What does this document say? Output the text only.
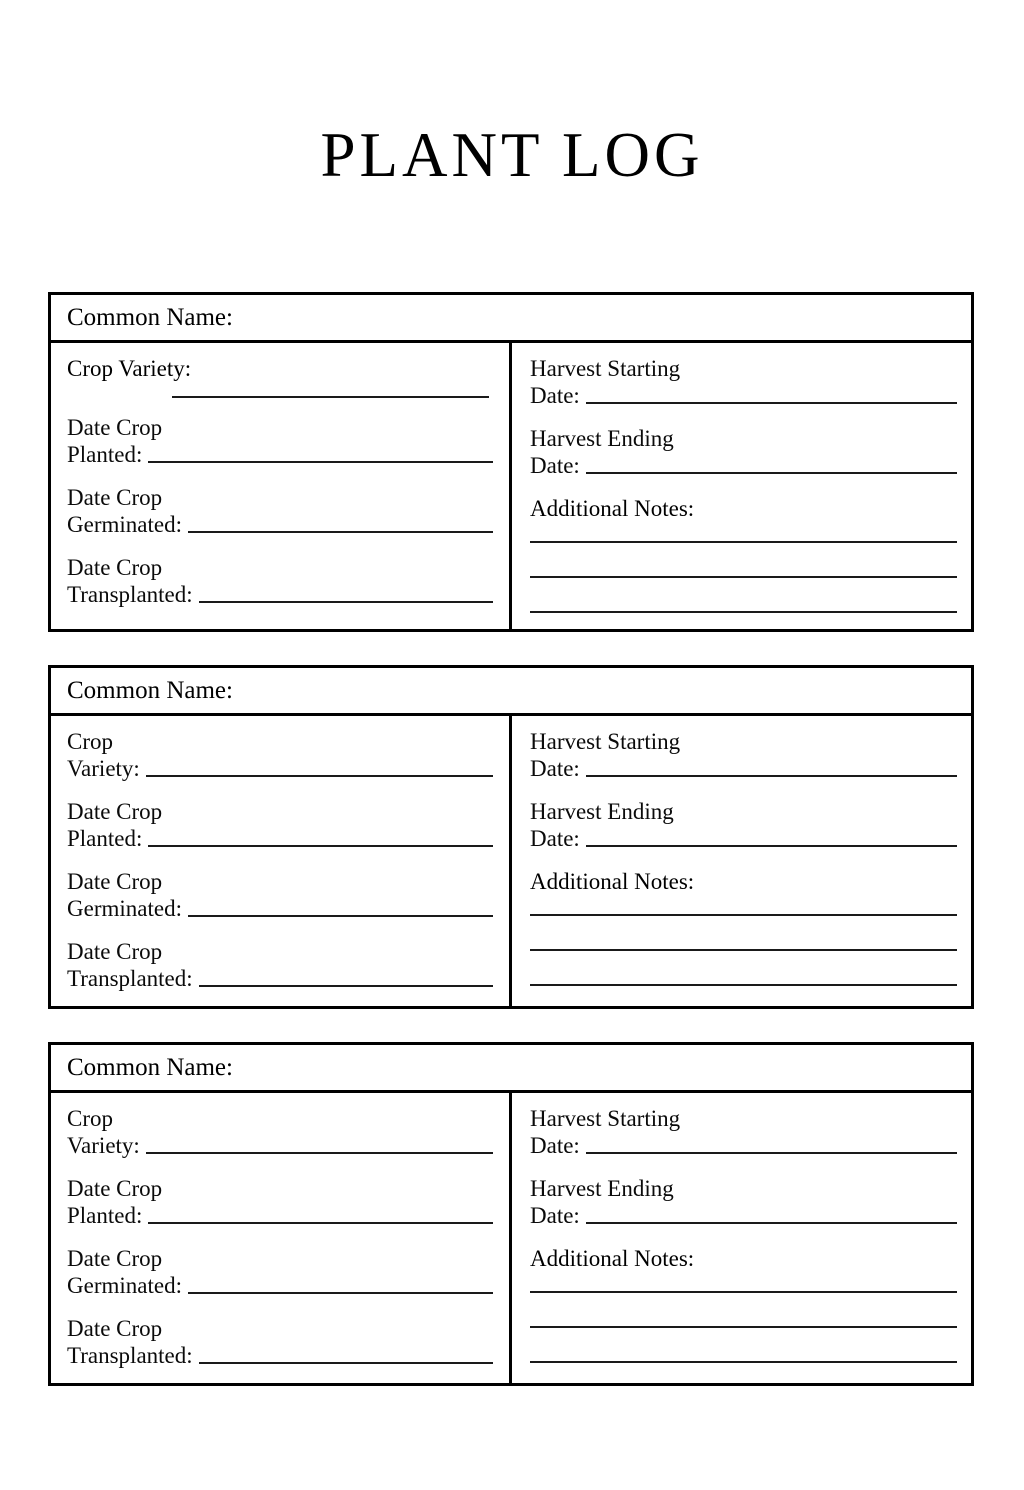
PLANT LOG
Common Name:
Crop Variety:
Date Crop
Planted:
Date Crop
Germinated:
Date Crop
Transplanted:
Harvest Starting
Date:
Harvest Ending
Date:
Additional Notes:
Common Name:
Crop
Variety:
Date Crop
Planted:
Date Crop
Germinated:
Date Crop
Transplanted:
Harvest Starting
Date:
Harvest Ending
Date:
Additional Notes:
Common Name:
Crop
Variety:
Date Crop
Planted:
Date Crop
Germinated:
Date Crop
Transplanted:
Harvest Starting
Date:
Harvest Ending
Date:
Additional Notes:
